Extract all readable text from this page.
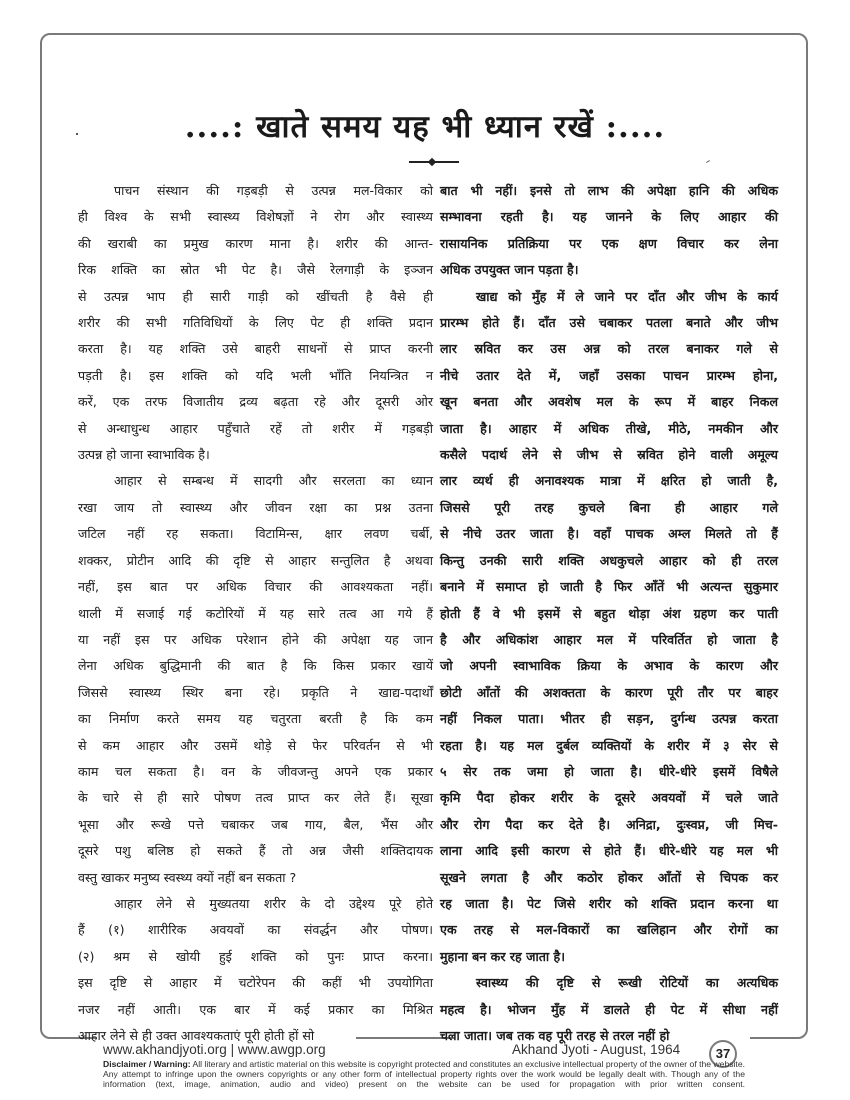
....: खाते समय यह भी ध्यान रखें :....

पाचन संस्थान की गड़बड़ी से उत्पन्न मल-विकार को
ही विश्व के सभी स्वास्थ्य विशेषज्ञों ने रोग और स्वास्थ्य
की खराबी का प्रमुख कारण माना है। शरीर की आन्त-
रिक शक्ति का स्रोत भी पेट है। जैसे रेलगाड़ी के इञ्जन
से उत्पन्न भाप ही सारी गाड़ी को खींचती है वैसे ही
शरीर की सभी गतिविधियों के लिए पेट ही शक्ति प्रदान
करता है। यह शक्ति उसे बाहरी साधनों से प्राप्त करनी
पड़ती है। इस शक्ति को यदि भली भाँति नियन्त्रित न
करें, एक तरफ विजातीय द्रव्य बढ़ता रहे और दूसरी ओर
से अन्धाधुन्ध आहार पहुँचाते रहें तो शरीर में गड़बड़ी
उत्पन्न हो जाना स्वाभाविक है।

आहार से सम्बन्ध में सादगी और सरलता का ध्यान
रखा जाय तो स्वास्थ्य और जीवन रक्षा का प्रश्न उतना
जटिल नहीं रह सकता। विटामिन्स, क्षार लवण चर्बी,
शक्कर, प्रोटीन आदि की दृष्टि से आहार सन्तुलित है अथवा
नहीं, इस बात पर अधिक विचार की आवश्यकता नहीं।
थाली में सजाई गई कटोरियों में यह सारे तत्व आ गये हैं
या नहीं इस पर अधिक परेशान होने की अपेक्षा यह जान
लेना अधिक बुद्धिमानी की बात है कि किस प्रकार खायें
जिससे स्वास्थ्य स्थिर बना रहे। प्रकृति ने खाद्य-पदार्थों
का निर्माण करते समय यह चतुरता बरती है कि कम
से कम आहार और उसमें थोड़े से फेर परिवर्तन से भी
काम चल सकता है। वन के जीवजन्तु अपने एक प्रकार
के चारे से ही सारे पोषण तत्व प्राप्त कर लेते हैं। सूखा
भूसा और रूखे पत्ते चबाकर जब गाय, बैल, भैंस और
दूसरे पशु बलिष्ठ हो सकते हैं तो अन्न जैसी शक्तिदायक
वस्तु खाकर मनुष्य स्वस्थ्य क्यों नहीं बन सकता ?

आहार लेने से मुख्यतया शरीर के दो उद्देश्य पूरे होते
हैं (१) शारीरिक अवयवों का संवर्द्धन और पोषण।
(२) श्रम से खोयी हुई शक्ति को पुनः प्राप्त करना।
इस दृष्टि से आहार में चटोरेपन की कहीं भी उपयोगिता
नजर नहीं आती। एक बार में कई प्रकार का मिश्रित
आहार लेने से ही उक्त आवश्यकताएं पूरी होती हों सो

बात भी नहीं। इनसे तो लाभ की अपेक्षा हानि की अधिक
सम्भावना रहती है। यह जानने के लिए आहार की
रासायनिक प्रतिक्रिया पर एक क्षण विचार कर लेना
अधिक उपयुक्त जान पड़ता है।

खाद्य को मुँह में ले जाने पर दाँत और जीभ के कार्य
प्रारम्भ होते हैं। दाँत उसे चबाकर पतला बनाते और जीभ
लार स्रवित कर उस अन्न को तरल बनाकर गले से
नीचे उतार देते में, जहाँ उसका पाचन प्रारम्भ होना,
खून बनता और अवशेष मल के रूप में बाहर निकल
जाता है। आहार में अधिक तीखे, मीठे, नमकीन और
कसैले पदार्थ लेने से जीभ से स्रवित होने वाली अमूल्य
लार व्यर्थ ही अनावश्यक मात्रा में क्षरित हो जाती है,
जिससे पूरी तरह कुचले बिना ही आहार गले
से नीचे उतर जाता है। वहाँ पाचक अम्ल मिलते तो हैं
किन्तु उनकी सारी शक्ति अधकुचले आहार को ही तरल
बनाने में समाप्त हो जाती है फिर आँतें भी अत्यन्त सुकुमार
होती हैं वे भी इसमें से बहुत थोड़ा अंश ग्रहण कर पाती
है और अधिकांश आहार मल में परिवर्तित हो जाता है
जो अपनी स्वाभाविक क्रिया के अभाव के कारण और
छोटी आँतों की अशक्तता के कारण पूरी तौर पर बाहर
नहीं निकल पाता। भीतर ही सड़न, दुर्गन्ध उत्पन्न करता
रहता है। यह मल दुर्बल व्यक्तियों के शरीर में ३ सेर से
५ सेर तक जमा हो जाता है। धीरे-धीरे इसमें विषैले
कृमि पैदा होकर शरीर के दूसरे अवयवों में चले जाते
और रोग पैदा कर देते है। अनिद्रा, दुःस्वप्न, जी मिच-
लाना आदि इसी कारण से होते हैं। धीरे-धीरे यह मल भी
सूखने लगता है और कठोर होकर आँतों से चिपक कर
रह जाता है। पेट जिसे शरीर को शक्ति प्रदान करना था
एक तरह से मल-विकारों का खलिहान और रोगों का
मुहाना बन कर रह जाता है।

स्वास्थ्य की दृष्टि से रूखी रोटियों का अत्यधिक
महत्व है। भोजन मुँह में डालते ही पेट में सीधा नहीं
चला जाता। जब तक वह पूरी तरह से तरल नहीं हो

www.akhandjyoti.org | www.awgp.org	Akhand Jyoti - August, 1964	37
Disclaimer / Warning: All literary and artistic material on this website is copyright protected and constitutes an exclusive intellectual property of the owner of the website. Any attempt to infringe upon the owners copyrights or any other form of intellectual property rights over the work would be legally dealt with. Though any of the information (text, image, animation, audio and video) present on the website can be used for propagation with prior written consent.
